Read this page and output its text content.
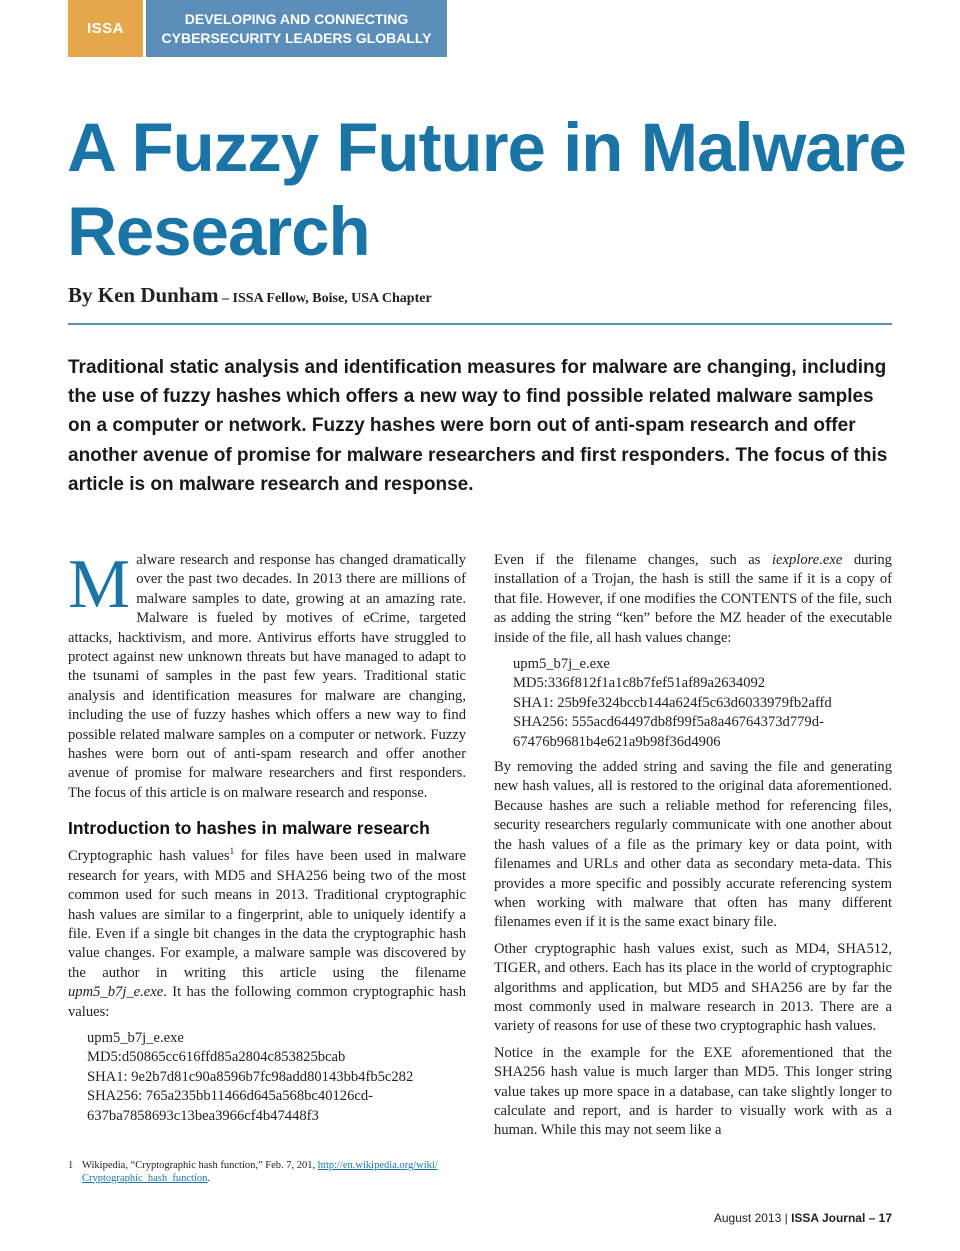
ISSA
DEVELOPING AND CONNECTING
CYBERSECURITY LEADERS GLOBALLY
A Fuzzy Future in Malware Research
By Ken Dunham – ISSA Fellow, Boise, USA Chapter

Traditional static analysis and identification measures for malware are changing, including the use of fuzzy hashes which offers a new way to find possible related malware samples on a computer or network. Fuzzy hashes were born out of anti-spam research and offer another avenue of promise for malware researchers and first responders. The focus of this article is on malware research and response.

Malware research and response has changed dramatically over the past two decades. In 2013 there are millions of malware samples to date, growing at an amazing rate. Malware is fueled by motives of eCrime, targeted attacks, hacktivism, and more. Antivirus efforts have struggled to protect against new unknown threats but have managed to adapt to the tsunami of samples in the past few years. Traditional static analysis and identification measures for malware are changing, including the use of fuzzy hashes which offers a new way to find possible related malware samples on a computer or network. Fuzzy hashes were born out of anti-spam research and offer another avenue of promise for malware researchers and first responders. The focus of this article is on malware research and response.

Introduction to hashes in malware research

Cryptographic hash values$^1$ for files have been used in malware research for years, with MD5 and SHA256 being two of the most common used for such means in 2013. Traditional cryptographic hash values are similar to a fingerprint, able to uniquely identify a file. Even if a single bit changes in the data the cryptographic hash value changes. For example, a malware sample was discovered by the author in writing this article using the filename upm5_b7j_e.exe. It has the following common cryptographic hash values:

upm5_b7j_e.exe
MD5:d50865cc616ffd85a2804c853825bcab
SHA1: 9e2b7d81c90a8596b7fc98add80143bb4fb5c282
SHA256: 765a235bb11466d645a568bc40126cd-
637ba7858693c13bea3966cf4b47448f3
1 Wikipedia, “Cryptographic hash function,” Feb. 7, 201, http://en.wikipedia.org/wiki/
Cryptographic_hash_function.

Even if the filename changes, such as iexplore.exe during installation of a Trojan, the hash is still the same if it is a copy of that file. However, if one modifies the CONTENTS of the file, such as adding the string “ken” before the MZ header of the executable inside of the file, all hash values change:

upm5_b7j_e.exe
MD5:336f812f1a1c8b7fef51af89a2634092
SHA1: 25b9fe324bccb144a624f5c63d6033979fb2affd
SHA256: 555acd64497db8f99f5a8a46764373d779d-
67476b9681b4e621a9b98f36d4906

By removing the added string and saving the file and generating new hash values, all is restored to the original data aforementioned. Because hashes are such a reliable method for referencing files, security researchers regularly communicate with one another about the hash values of a file as the primary key or data point, with filenames and URLs and other data as secondary meta-data. This provides a more specific and possibly accurate referencing system when working with malware that often has many different filenames even if it is the same exact binary file.

Other cryptographic hash values exist, such as MD4, SHA512, TIGER, and others. Each has its place in the world of cryptographic algorithms and application, but MD5 and SHA256 are by far the most commonly used in malware research in 2013. There are a variety of reasons for use of these two cryptographic hash values.

Notice in the example for the EXE aforementioned that the SHA256 hash value is much larger than MD5. This longer string value takes up more space in a database, can take slightly longer to calculate and report, and is harder to visually work with as a human. While this may not seem like a

August 2013 | ISSA Journal – 17
